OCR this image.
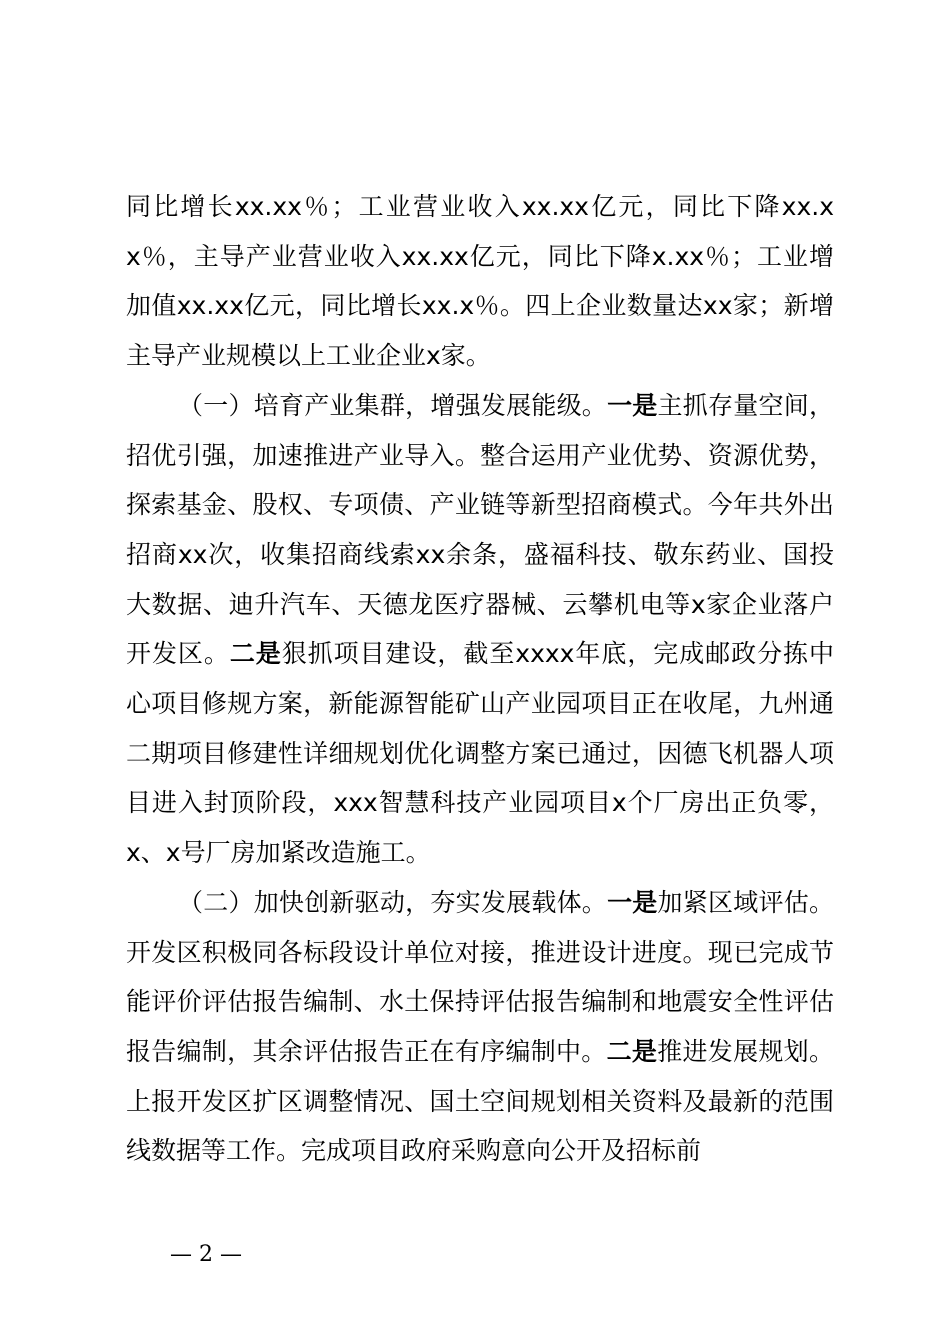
同比增长xx.xx％；工业营业收入xx.xx亿元，同比下降xx.xx％，主导产业营业收入xx.xx亿元，同比下降x.xx％；工业增加值xx.xx亿元，同比增长xx.x％。四上企业数量达xx家；新增主导产业规模以上工业企业x家。

（一）培育产业集群，增强发展能级。一是主抓存量空间，招优引强，加速推进产业导入。整合运用产业优势、资源优势，探索基金、股权、专项债、产业链等新型招商模式。今年共外出招商xx次，收集招商线索xx余条，盛福科技、敬东药业、国投大数据、迪升汽车、天德龙医疗器械、云攀机电等x家企业落户开发区。二是狠抓项目建设，截至xxxx年底，完成邮政分拣中心项目修规方案，新能源智能矿山产业园项目正在收尾，九州通二期项目修建性详细规划优化调整方案已通过，因德飞机器人项目进入封顶阶段，xxx智慧科技产业园项目x个厂房出正负零，x、x号厂房加紧改造施工。

（二）加快创新驱动，夯实发展载体。一是加紧区域评估。开发区积极同各标段设计单位对接，推进设计进度。现已完成节能评价评估报告编制、水土保持评估报告编制和地震安全性评估报告编制，其余评估报告正在有序编制中。二是推进发展规划。上报开发区扩区调整情况、国土空间规划相关资料及最新的范围线数据等工作。完成项目政府采购意向公开及招标前

— 2 —
